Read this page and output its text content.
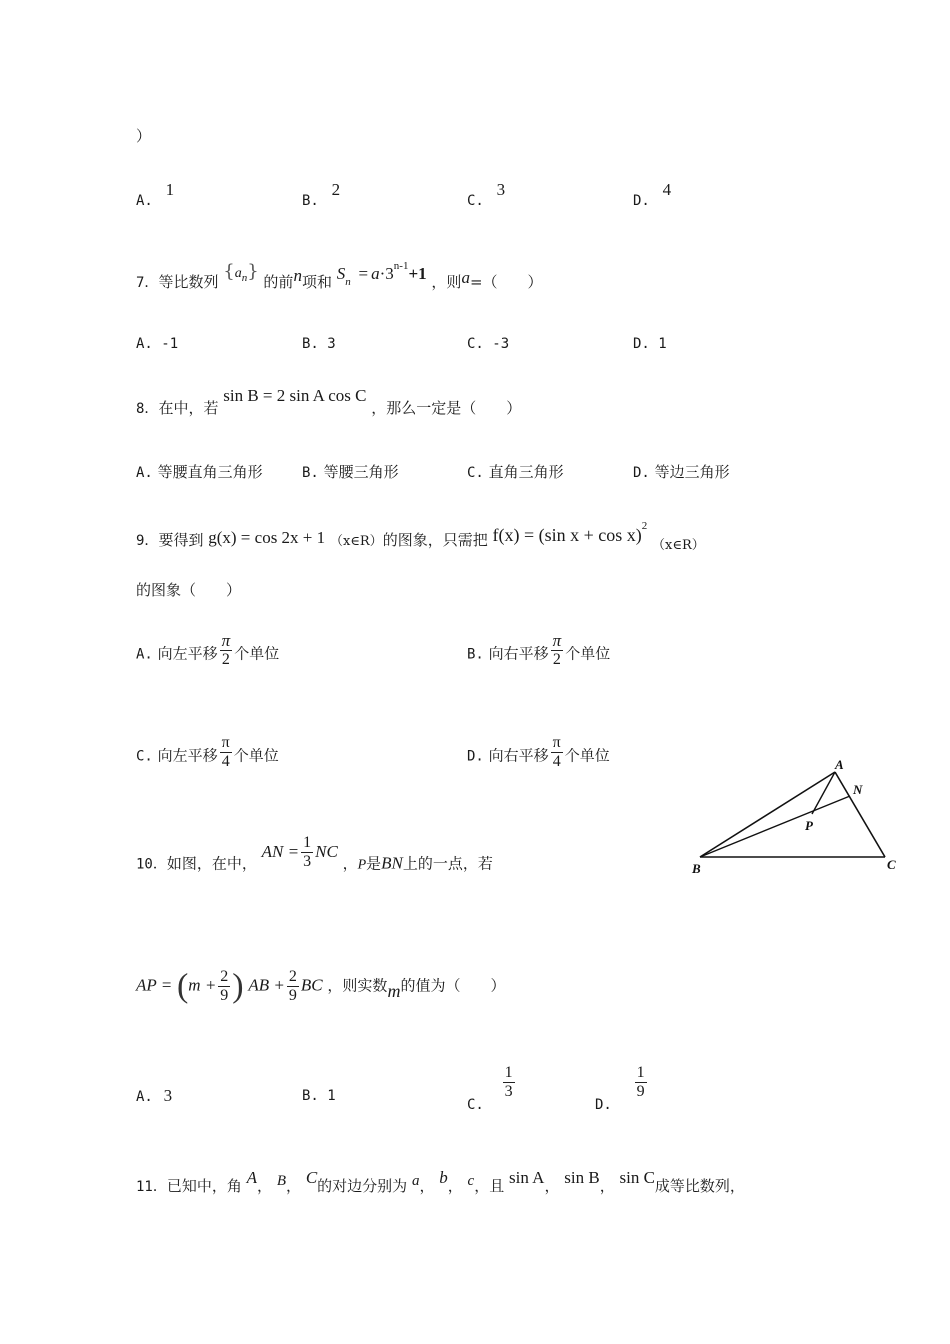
）
A. 1
B. 2
C. 3
D. 4
7．等比数列 $\{a_n\}$ 的前n项和 $S_n = a\cdot 3^{n-1}+1$ ，则a=（　　）
A. -1	B. 3	C. -3	D. 1
8．在中，若 sin B = 2 sin A cos C ，那么一定是（　　）
A. 等腰直角三角形	B. 等腰三角形	C. 直角三角形	D. 等边三角形
9．要得到 g(x) = cos 2x + 1 （x∈R）的图象，只需把 f(x) = (sin x + cos x)$^2$ （x∈R）
的图象（　　）
A. 向左平移 $\frac{\pi}{2}$ 个单位	B. 向右平移 $\frac{\pi}{2}$ 个单位
C. 向左平移 $\frac{\pi}{4}$ 个单位	D. 向右平移 $\frac{\pi}{4}$ 个单位
10．如图，在中， AN = $\frac{1}{3}$ NC ，P是BN上的一点，若
AP = ($m + \frac{2}{9}$ ) AB + $\frac{2}{9}$ BC ，则实数m的值为（　　）
A. 3	B. 1
C.
$\frac{1}{3}$
D.
$\frac{1}{9}$
A
N
P
B	C
11．已知中，角 A， B， C的对边分别为 a， b， c，且 sin A， sin B， sin C成等比数列，
